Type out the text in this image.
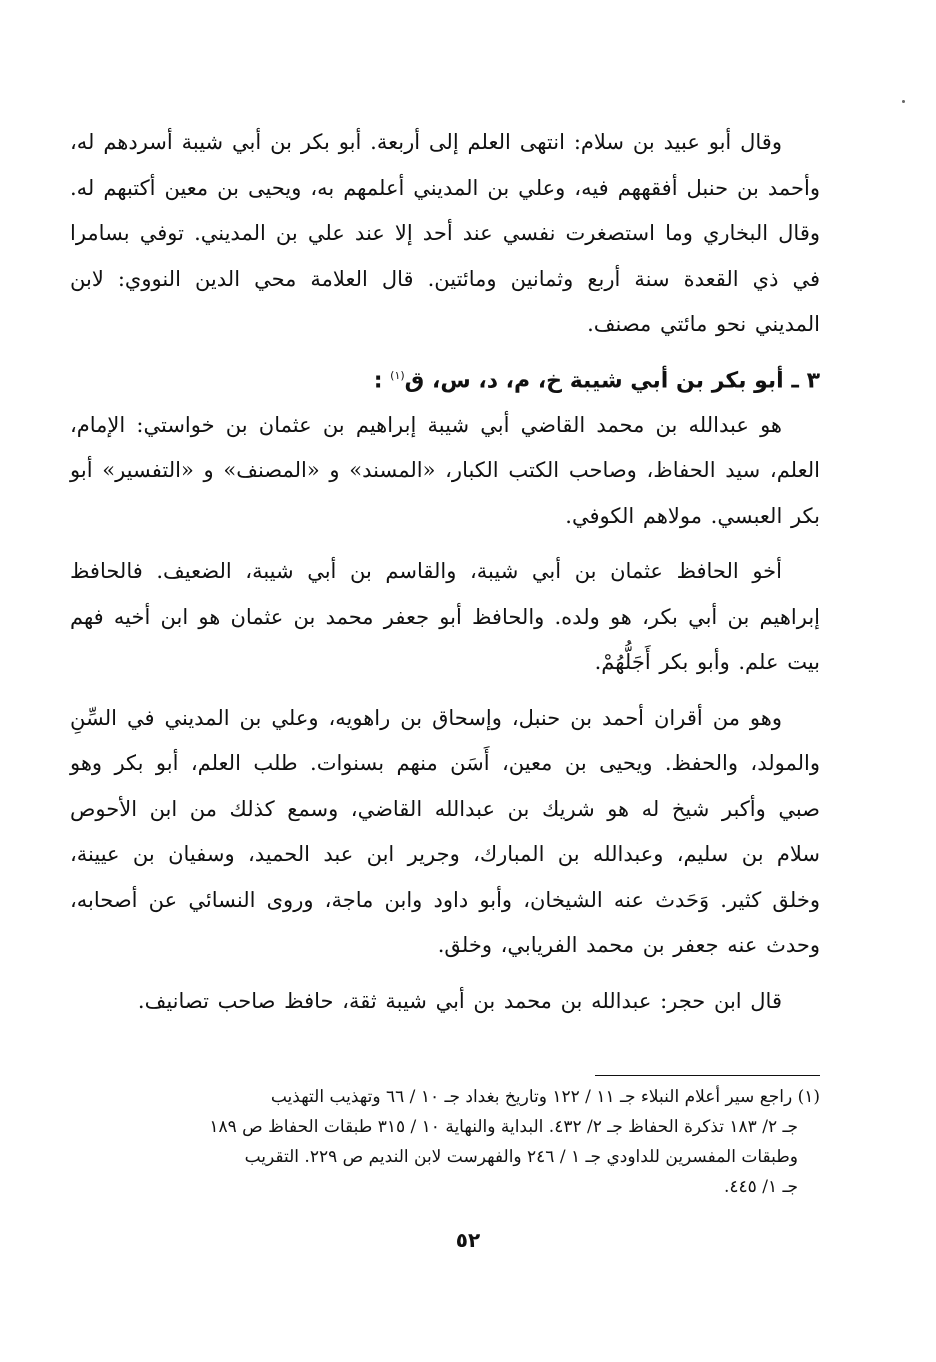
وقال أبو عبيد بن سلام: انتهى العلم إلى أربعة. أبو بكر بن أبي شيبة أسردهم له، وأحمد بن حنبل أفقههم فيه، وعلي بن المديني أعلمهم به، ويحيى بن معين أكتبهم له. وقال البخاري وما استصغرت نفسي عند أحد إلا عند علي بن المديني. توفي بسامرا في ذي القعدة سنة أربع وثمانين ومائتين. قال العلامة محي الدين النووي: لابن المديني نحو مائتي مصنف.

٣ ـ أبو بكر بن أبي شيبة خ، م، د، س، ق$^{(١)}$ :

هو عبدالله بن محمد القاضي أبي شيبة إبراهيم بن عثمان بن خواستي: الإمام، العلم، سيد الحفاظ، وصاحب الكتب الكبار، «المسند» و «المصنف» و «التفسير» أبو بكر العبسي. مولاهم الكوفي.

أخو الحافظ عثمان بن أبي شيبة، والقاسم بن أبي شيبة، الضعيف. فالحافظ إبراهيم بن أبي بكر، هو ولده. والحافظ أبو جعفر محمد بن عثمان هو ابن أخيه فهم بيت علم. وأبو بكر أَجَلُّهُمْ.

وهو من أقران أحمد بن حنبل، وإسحاق بن راهويه، وعلي بن المديني في السِّنِ والمولد، والحفظ. ويحيى بن معين، أَسَن منهم بسنوات. طلب العلم، أبو بكر وهو صبي وأكبر شيخ له هو شريك بن عبدالله القاضي، وسمع كذلك من ابن الأحوص سلام بن سليم، وعبدالله بن المبارك، وجرير ابن عبد الحميد، وسفيان بن عيينة، وخلق كثير. وَحَدث عنه الشيخان، وأبو داود وابن ماجة، وروى النسائي عن أصحابه، وحدث عنه جعفر بن محمد الفريابي، وخلق.

قال ابن حجر: عبدالله بن محمد بن أبي شيبة ثقة، حافظ صاحب تصانيف.

(١) راجع سير أعلام النبلاء جـ ١١ / ١٢٢ وتاريخ بغداد جـ ١٠ / ٦٦ وتهذيب التهذيب
جـ ٢/ ١٨٣ تذكرة الحفاظ جـ ٢/ ٤٣٢. البداية والنهاية ١٠ / ٣١٥ طبقات الحفاظ ص ١٨٩
وطبقات المفسرين للداودي جـ ١ / ٢٤٦ والفهرست لابن النديم ص ٢٢٩. التقريب
جـ ١/ ٤٤٥.

٥٢
